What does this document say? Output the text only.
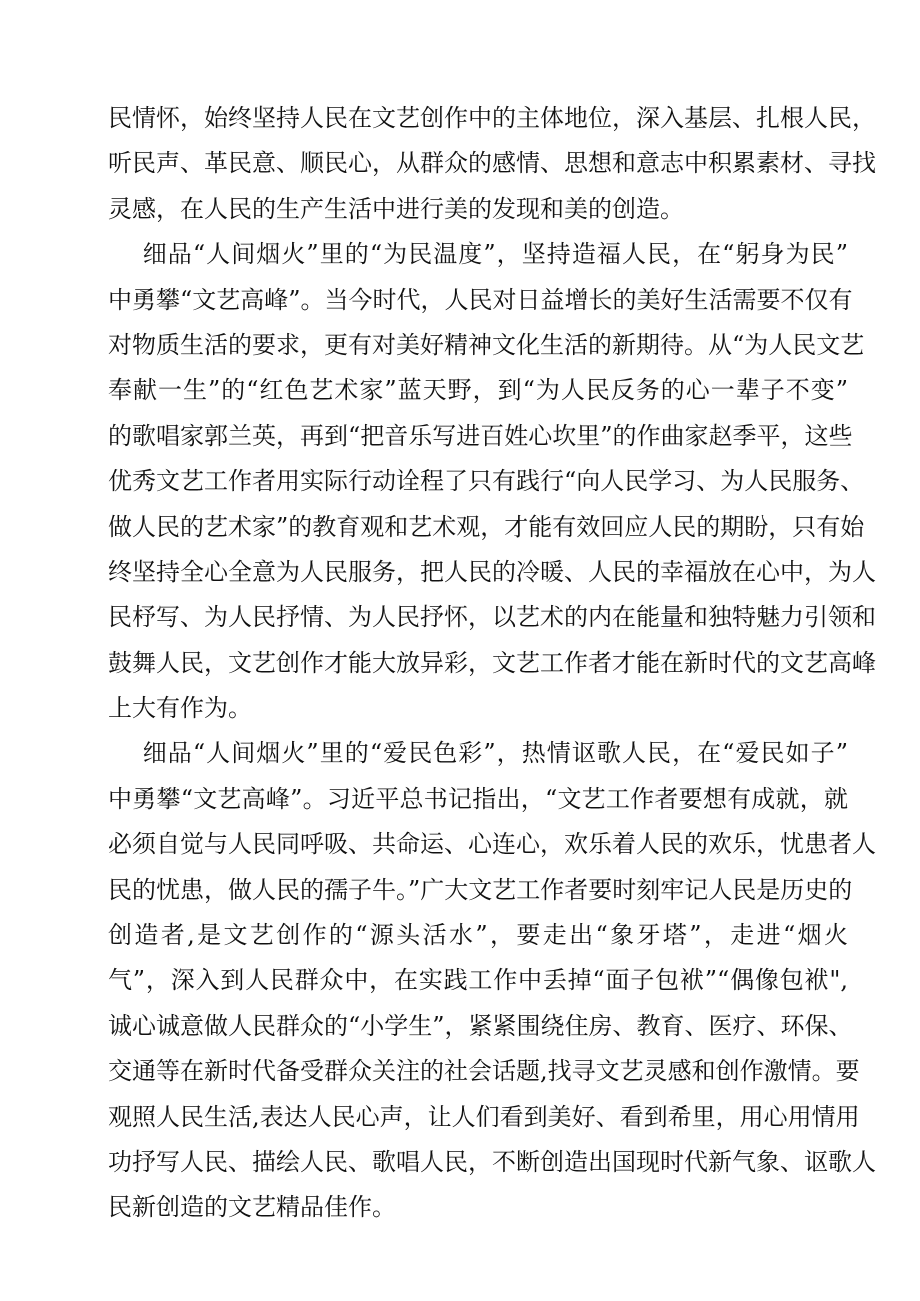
民情怀，始终坚持人民在文艺创作中的主体地位，深入基层、扎根人民，
听民声、革民意、顺民心，从群众的感情、思想和意志中积累素材、寻找
灵感，在人民的生产生活中进行美的发现和美的创造。
细品“人间烟火”里的“为民温度”，坚持造福人民，在“躬身为民”
中勇攀“文艺高峰”。当今时代，人民对日益增长的美好生活需要不仅有
对物质生活的要求，更有对美好精神文化生活的新期待。从“为人民文艺
奉献一生”的“红色艺术家”蓝天野，到“为人民反务的心一辈子不变”
的歌唱家郭兰英，再到“把音乐写进百姓心坎里”的作曲家赵季平，这些
优秀文艺工作者用实际行动诠程了只有践行“向人民学习、为人民服务、
做人民的艺术家”的教育观和艺术观，才能有效回应人民的期盼，只有始
终坚持全心全意为人民服务，把人民的冷暖、人民的幸福放在心中，为人
民杼写、为人民抒情、为人民抒怀，以艺术的内在能量和独特魅力引领和
鼓舞人民，文艺创作才能大放异彩，文艺工作者才能在新时代的文艺高峰
上大有作为。
细品“人间烟火”里的“爱民色彩”，热情讴歌人民，在“爱民如子”
中勇攀“文艺高峰”。习近平总书记指出，“文艺工作者要想有成就，就
必须自觉与人民同呼吸、共命运、心连心，欢乐着人民的欢乐，忧患者人
民的忧患，做人民的孺子牛。”广大文艺工作者要时刻牢记人民是历史的
创造者,是文艺创作的“源头活水”，要走出“象牙塔”，走进“烟火
气”，深入到人民群众中，在实践工作中丢掉“面子包袱”“偶像包袱",
诚心诚意做人民群众的“小学生”，紧紧围绕住房、教育、医疗、环保、
交通等在新时代备受群众关注的社会话题,找寻文艺灵感和创作激情。要
观照人民生活,表达人民心声，让人们看到美好、看到希里，用心用情用
功抒写人民、描绘人民、歌唱人民，不断创造出国现时代新气象、讴歌人
民新创造的文艺精品佳作。
